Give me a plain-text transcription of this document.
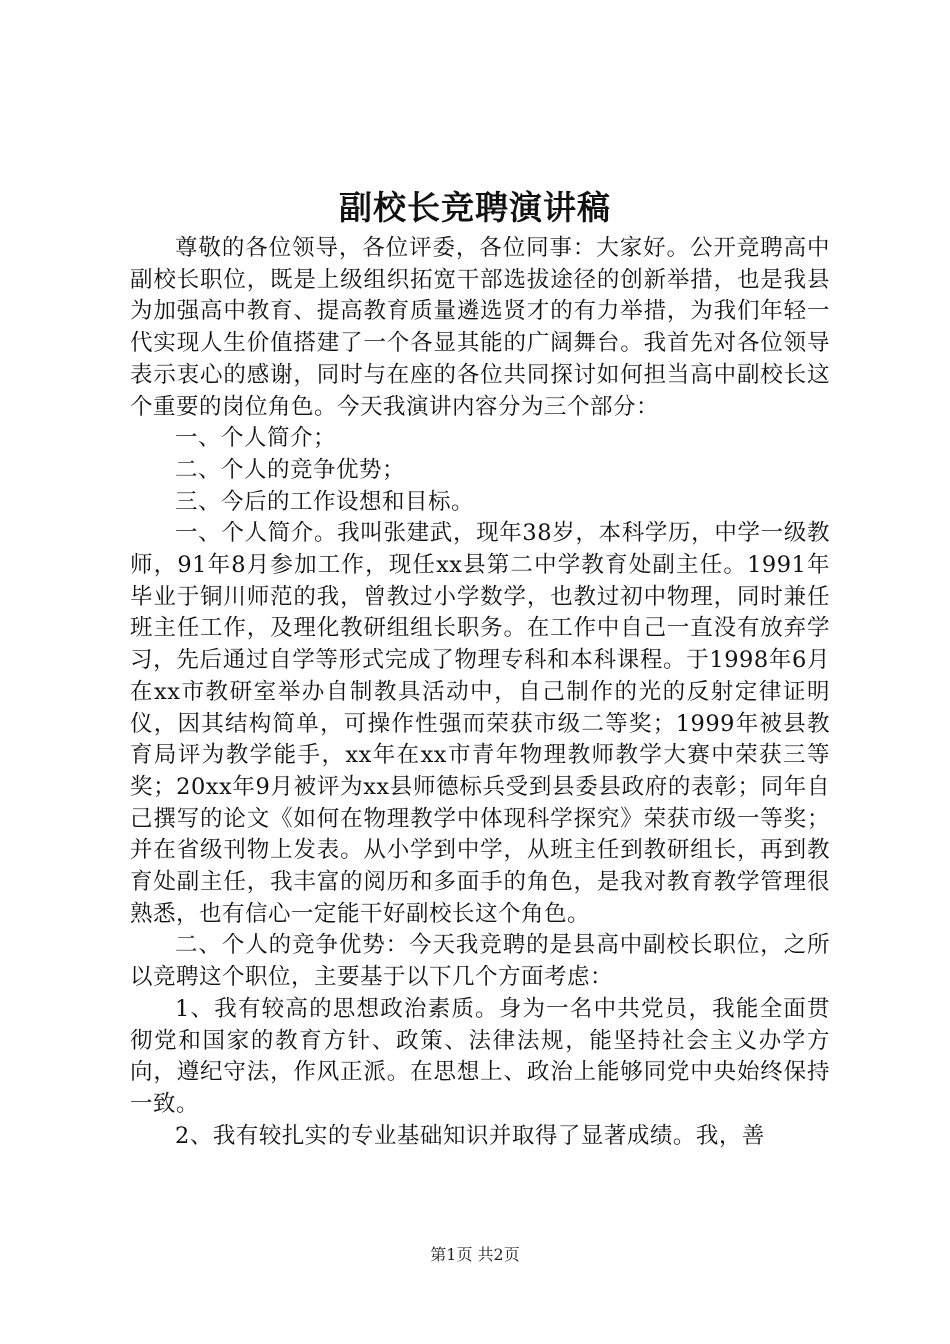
副校长竞聘演讲稿

尊敬的各位领导，各位评委，各位同事：大家好。公开竞聘高中副校长职位，既是上级组织拓宽干部选拔途径的创新举措，也是我县为加强高中教育、提高教育质量遴选贤才的有力举措，为我们年轻一代实现人生价值搭建了一个各显其能的广阔舞台。我首先对各位领导表示衷心的感谢，同时与在座的各位共同探讨如何担当高中副校长这个重要的岗位角色。今天我演讲内容分为三个部分：

一、个人简介；

二、个人的竞争优势；

三、今后的工作设想和目标。

一、个人简介。我叫张建武，现年38岁，本科学历，中学一级教师，91年8月参加工作，现任xx县第二中学教育处副主任。1991年毕业于铜川师范的我，曾教过小学数学，也教过初中物理，同时兼任班主任工作，及理化教研组组长职务。在工作中自己一直没有放弃学习，先后通过自学等形式完成了物理专科和本科课程。于1998年6月在xx市教研室举办自制教具活动中，自己制作的光的反射定律证明仪，因其结构简单，可操作性强而荣获市级二等奖；1999年被县教育局评为教学能手，xx年在xx市青年物理教师教学大赛中荣获三等奖；20xx年9月被评为xx县师德标兵受到县委县政府的表彰；同年自己撰写的论文《如何在物理教学中体现科学探究》荣获市级一等奖；并在省级刊物上发表。从小学到中学，从班主任到教研组长，再到教育处副主任，我丰富的阅历和多面手的角色，是我对教育教学管理很熟悉，也有信心一定能干好副校长这个角色。

二、个人的竞争优势：今天我竞聘的是县高中副校长职位，之所以竞聘这个职位，主要基于以下几个方面考虑：

1、我有较高的思想政治素质。身为一名中共党员，我能全面贯彻党和国家的教育方针、政策、法律法规，能坚持社会主义办学方向，遵纪守法，作风正派。在思想上、政治上能够同党中央始终保持一致。

2、我有较扎实的专业基础知识并取得了显著成绩。我，善

第1页 共2页
